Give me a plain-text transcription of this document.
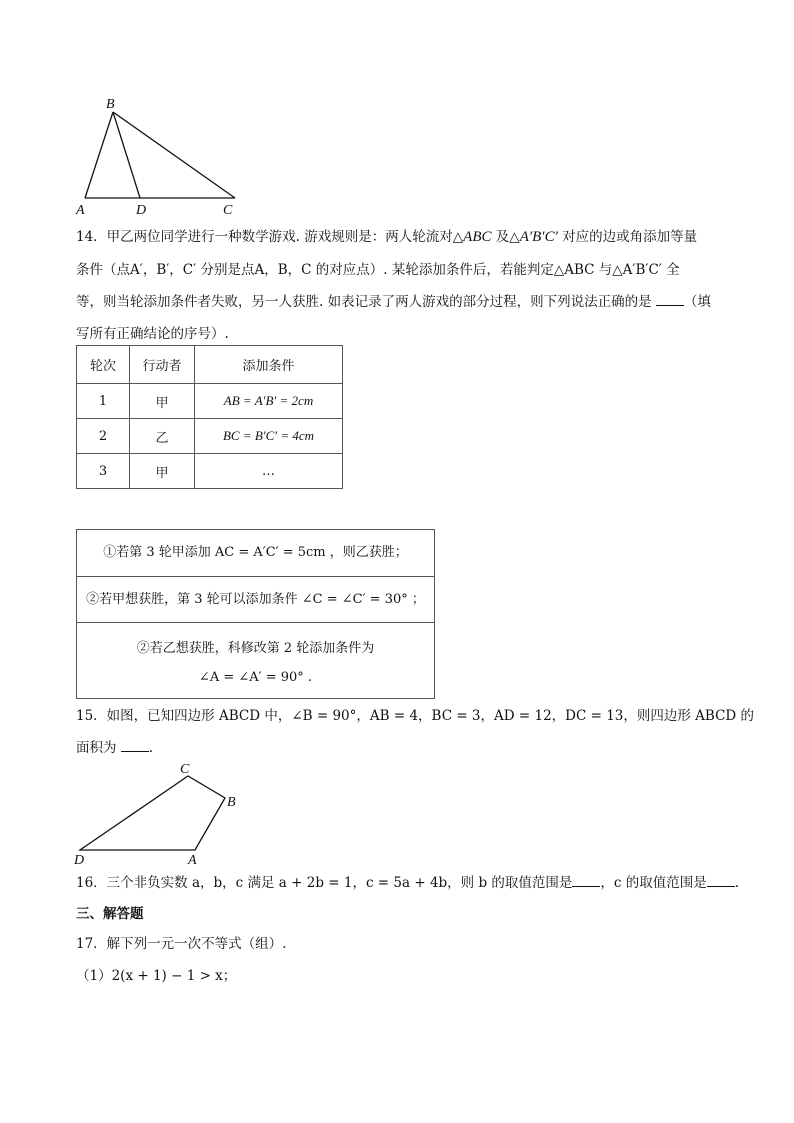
B
A	D	C
14．甲乙两位同学进行一种数学游戏. 游戏规则是：两人轮流对△ABC 及△A′B′C′ 对应的边或角添加等量
条件（点A′，B′，C′ 分别是点A，B，C 的对应点）. 某轮添加条件后，若能判定△ABC 与△A′B′C′ 全
等，则当轮添加条件者失败，另一人获胜. 如表记录了两人游戏的部分过程，则下列说法正确的是 （填
写所有正确结论的序号）.
轮次	行动者	添加条件
1	甲	AB = A′B′ = 2cm
2	乙	BC = B′C′ = 4cm
3	甲	…
①若第 3 轮甲添加 AC = A′C′ = 5cm ，则乙获胜；
②若甲想获胜，第 3 轮可以添加条件 ∠C = ∠C′ = 30° ；
②若乙想获胜，科修改第 2 轮添加条件为
∠A = ∠A′ = 90° .
15．如图，已知四边形 ABCD 中，∠B = 90°，AB = 4，BC = 3，AD = 12，DC = 13，则四边形 ABCD 的
面积为 .
C
B
D	A
16．三个非负实数 a，b，c 满足 a + 2b = 1，c = 5a + 4b，则 b 的取值范围是 ，c 的取值范围是 .
三、解答题
17．解下列一元一次不等式（组）.
（1）2(x + 1) − 1 > x；
